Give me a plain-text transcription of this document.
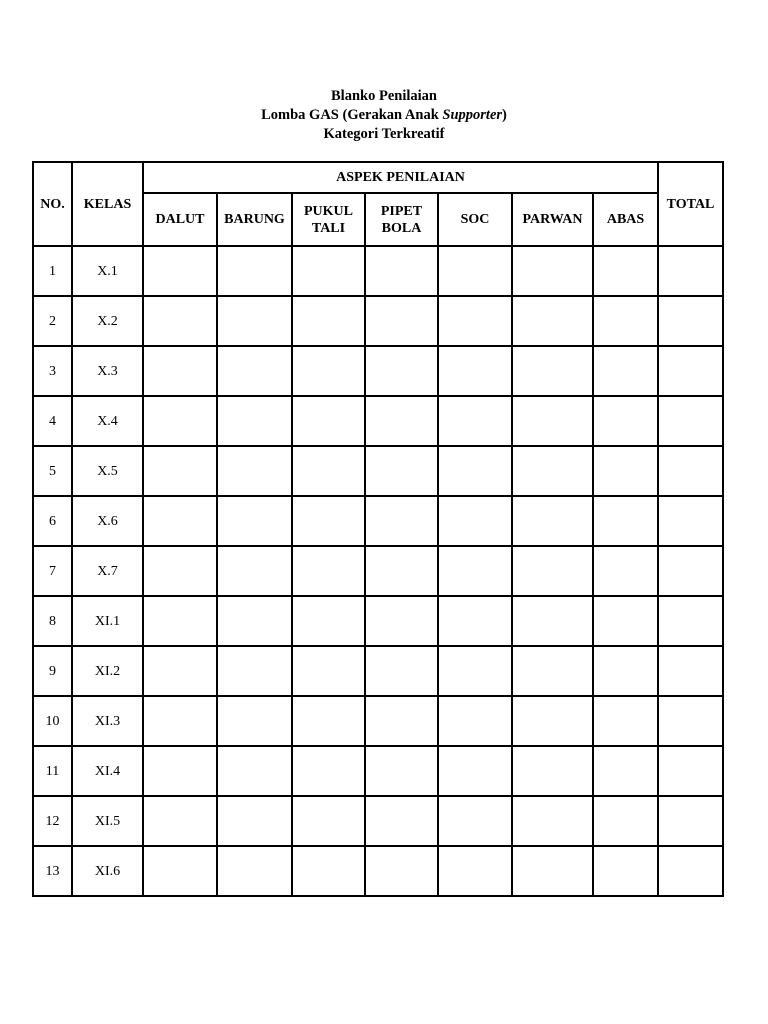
Blanko Penilaian
Lomba GAS (Gerakan Anak Supporter)
Kategori Terkreatif
NO.	KELAS	ASPEK PENILAIAN							TOTAL
		DALUT	BARUNG	PUKUL TALI	PIPET BOLA	SOC	PARWAN	ABAS	
1	X.1								
2	X.2								
3	X.3								
4	X.4								
5	X.5								
6	X.6								
7	X.7								
8	XI.1								
9	XI.2								
10	XI.3								
11	XI.4								
12	XI.5								
13	XI.6								
